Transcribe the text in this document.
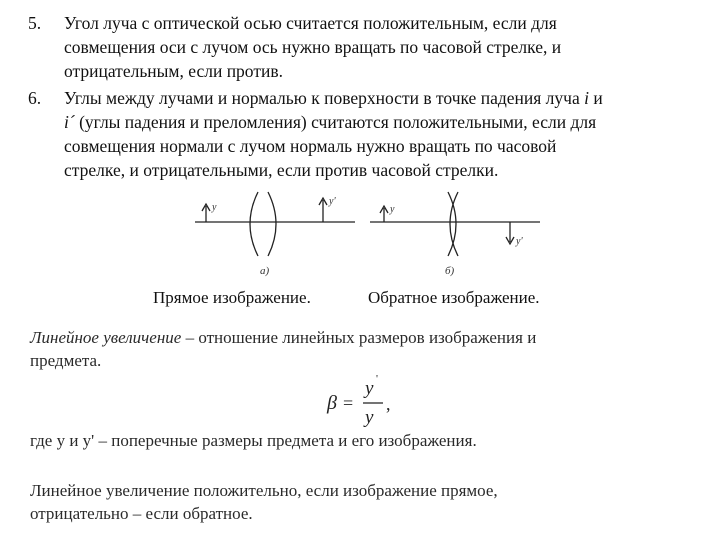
5. Угол луча с оптической осью считается положительным, если для
совмещения оси с лучом ось нужно вращать по часовой стрелке, и
отрицательным, если против.
6. Углы между лучами и нормалью к поверхности в точке падения луча i и
i´ (углы падения и преломления) считаются положительными, если для
совмещения нормали с лучом нормаль нужно вращать по часовой
стрелке, и отрицательными, если против часовой стрелки.
y
y'
a)
y
y'
б)
Прямое изображение.	Обратное изображение.
Линейное увеличение – отношение линейных размеров изображения и
предмета.
β =
y '
y
,
где y и y' – поперечные размеры предмета и его изображения.
Линейное увеличение положительно, если изображение прямое,
отрицательно – если обратное.
